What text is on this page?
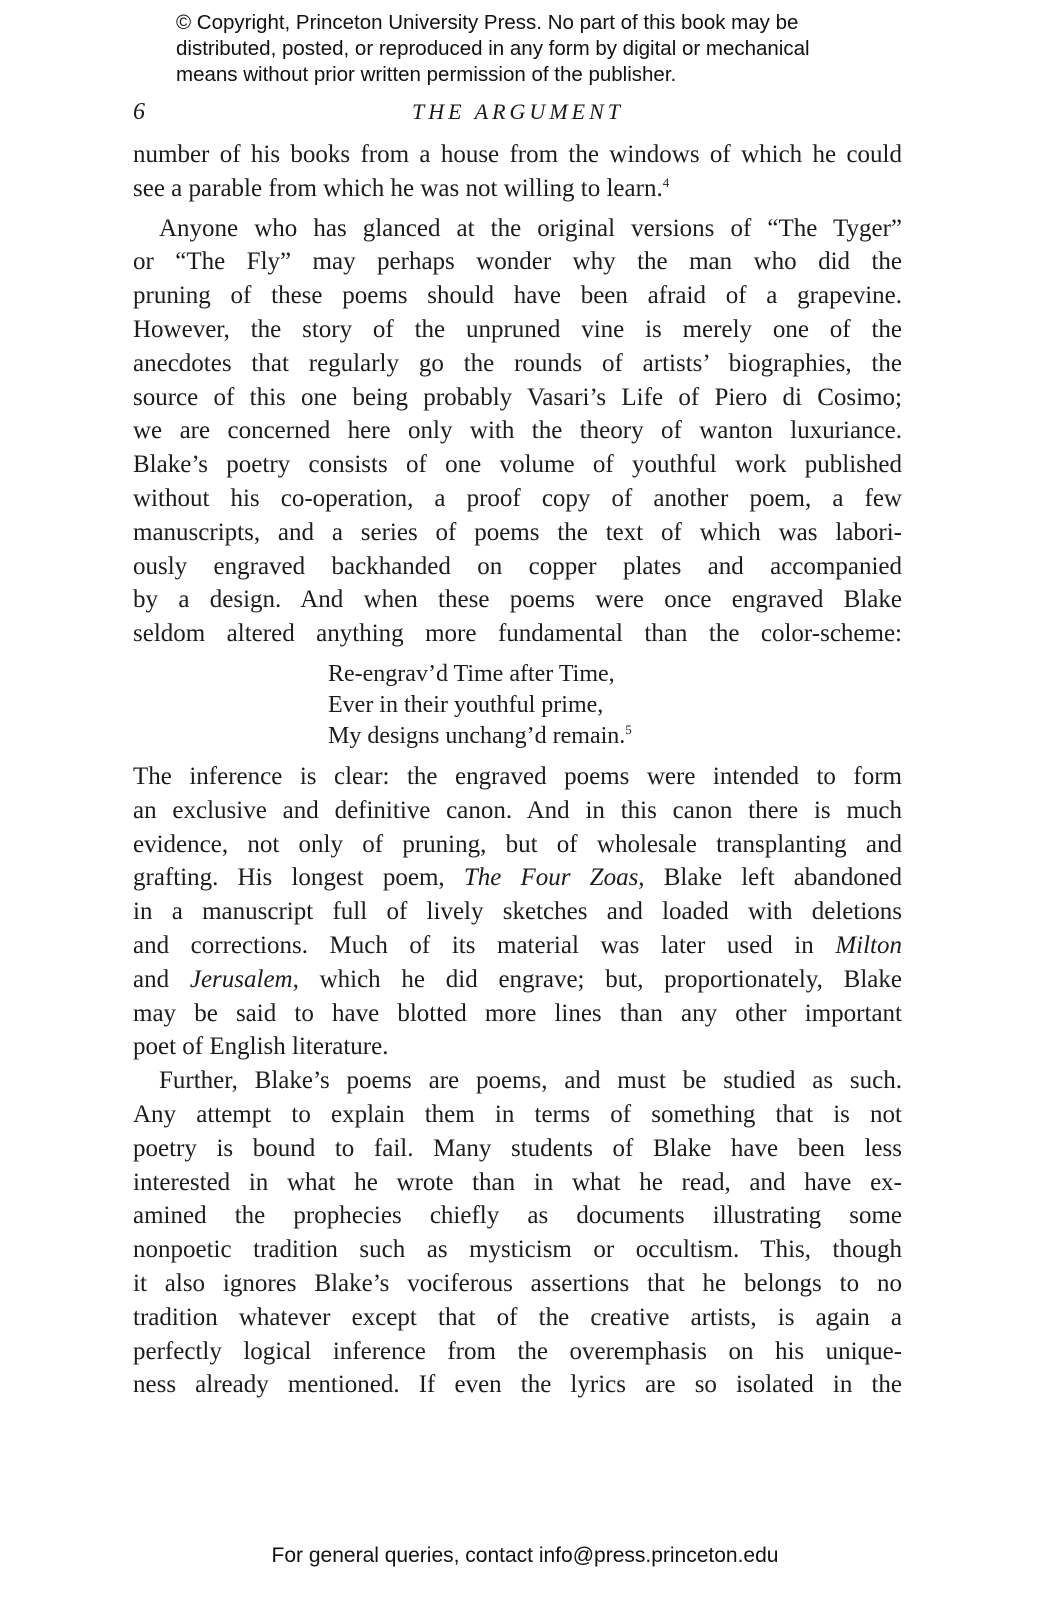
© Copyright, Princeton University Press. No part of this book may be
distributed, posted, or reproduced in any form by digital or mechanical
means without prior written permission of the publisher.
6	THE ARGUMENT

number of his books from a house from the windows of which he could
see a parable from which he was not willing to learn.$^4$

Anyone who has glanced at the original versions of “The Tyger”
or “The Fly” may perhaps wonder why the man who did the
pruning of these poems should have been afraid of a grapevine.
However, the story of the unpruned vine is merely one of the
anecdotes that regularly go the rounds of artists’ biographies, the
source of this one being probably Vasari’s Life of Piero di Cosimo;
we are concerned here only with the theory of wanton luxuriance.
Blake’s poetry consists of one volume of youthful work published
without his co-operation, a proof copy of another poem, a few
manuscripts, and a series of poems the text of which was labori-
ously engraved backhanded on copper plates and accompanied
by a design. And when these poems were once engraved Blake
seldom altered anything more fundamental than the color-scheme:

Re-engrav’d Time after Time,
Ever in their youthful prime,
My designs unchang’d remain.$^5$

The inference is clear: the engraved poems were intended to form
an exclusive and definitive canon. And in this canon there is much
evidence, not only of pruning, but of wholesale transplanting and
grafting. His longest poem, The Four Zoas, Blake left abandoned
in a manuscript full of lively sketches and loaded with deletions
and corrections. Much of its material was later used in Milton
and Jerusalem, which he did engrave; but, proportionately, Blake
may be said to have blotted more lines than any other important
poet of English literature.

Further, Blake’s poems are poems, and must be studied as such.
Any attempt to explain them in terms of something that is not
poetry is bound to fail. Many students of Blake have been less
interested in what he wrote than in what he read, and have ex-
amined the prophecies chiefly as documents illustrating some
nonpoetic tradition such as mysticism or occultism. This, though
it also ignores Blake’s vociferous assertions that he belongs to no
tradition whatever except that of the creative artists, is again a
perfectly logical inference from the overemphasis on his unique-
ness already mentioned. If even the lyrics are so isolated in the

For general queries, contact info@press.princeton.edu
